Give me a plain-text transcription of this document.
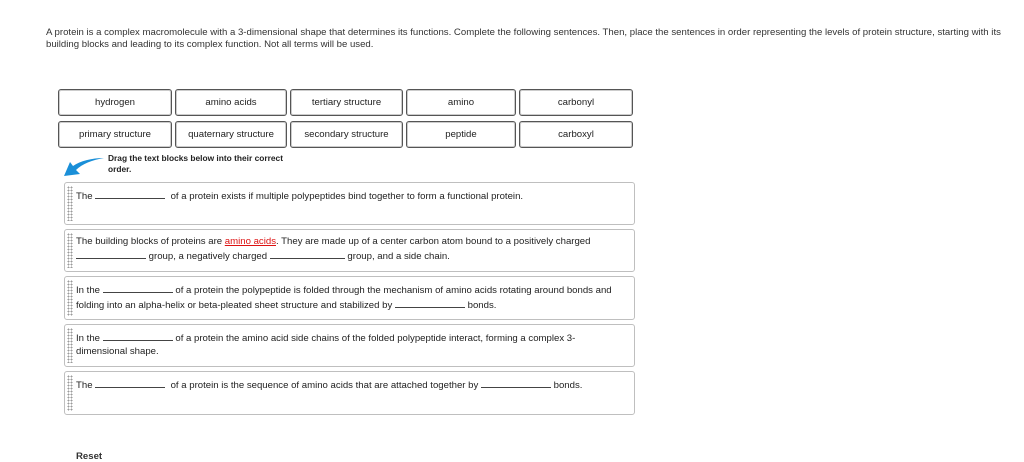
A protein is a complex macromolecule with a 3-dimensional shape that determines its functions. Complete the following sentences. Then, place the sentences in order representing the levels of protein structure, starting with its building blocks and leading to its complex function. Not all terms will be used.
hydrogen	amino acids	tertiary structure	amino	carbonyl
primary structure	quaternary structure	secondary structure	peptide	carboxyl
Drag the text blocks below into their correct order.
The	of a protein exists if multiple polypeptides bind together to form a functional protein.
The building blocks of proteins are amino acids. They are made up of a center carbon atom bound to a positively charged  group, a negatively charged	group, and a side chain.
In the	of a protein the polypeptide is folded through the mechanism of amino acids rotating around bonds and folding into an alpha-helix or beta-pleated sheet structure and stabilized by	bonds.
In the	of a protein the amino acid side chains of the folded polypeptide interact, forming a complex 3-dimensional shape.
The	of a protein is the sequence of amino acids that are attached together by	bonds.
Reset
